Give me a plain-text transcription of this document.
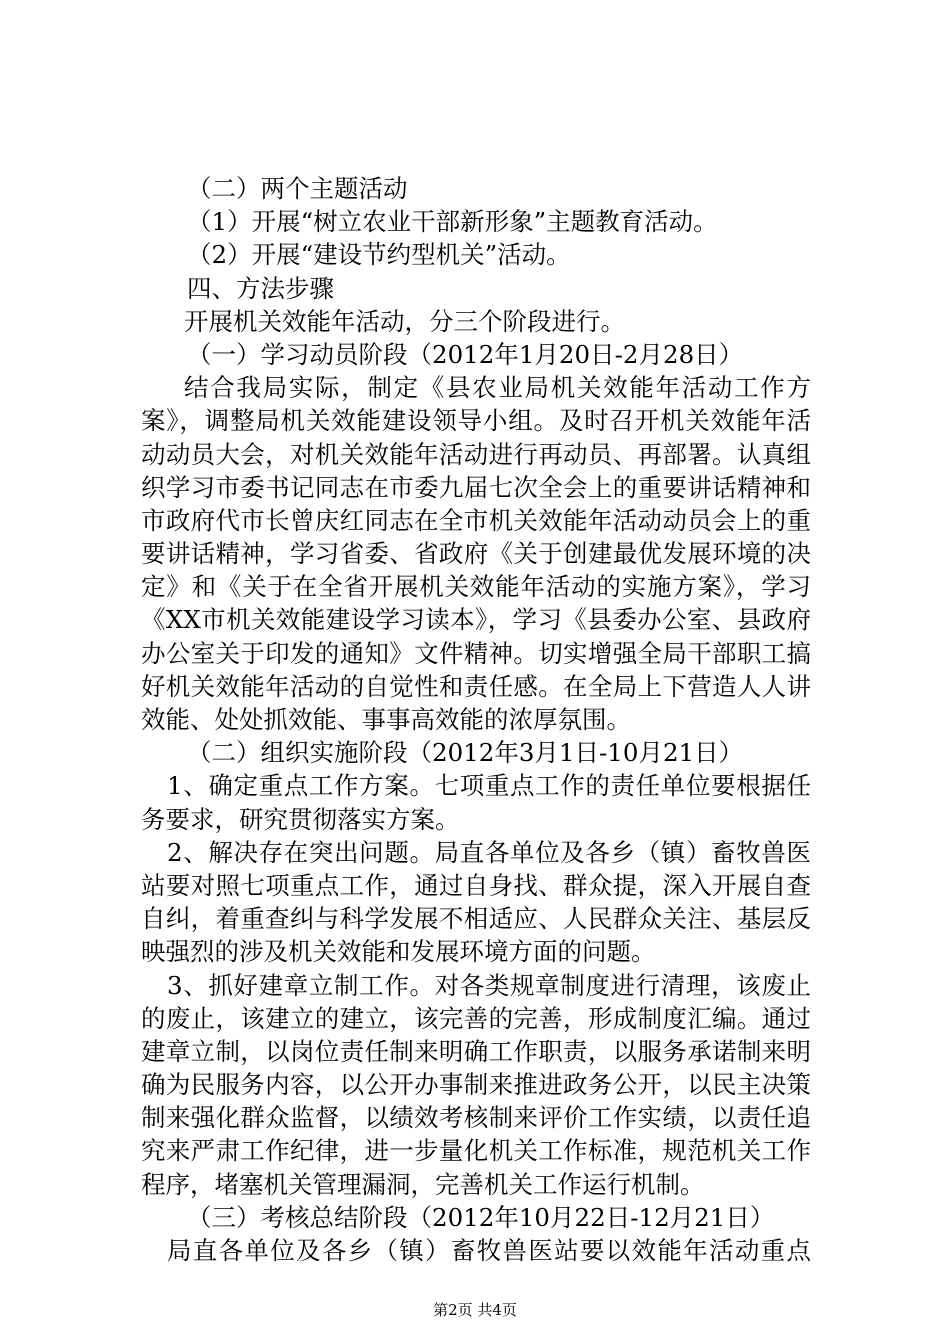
（二）两个主题活动
（1）开展“树立农业干部新形象”主题教育活动。
（2）开展“建设节约型机关”活动。
四、方法步骤
开展机关效能年活动，分三个阶段进行。
（一）学习动员阶段（2012年1月20日-2月28日）
结合我局实际，制定《县农业局机关效能年活动工作方
案》，调整局机关效能建设领导小组。及时召开机关效能年活
动动员大会，对机关效能年活动进行再动员、再部署。认真组
织学习市委书记同志在市委九届七次全会上的重要讲话精神和
市政府代市长曾庆红同志在全市机关效能年活动动员会上的重
要讲话精神，学习省委、省政府《关于创建最优发展环境的决
定》和《关于在全省开展机关效能年活动的实施方案》，学习
《XX市机关效能建设学习读本》，学习《县委办公室、县政府
办公室关于印发的通知》文件精神。切实增强全局干部职工搞
好机关效能年活动的自觉性和责任感。在全局上下营造人人讲
效能、处处抓效能、事事高效能的浓厚氛围。
（二）组织实施阶段（2012年3月1日-10月21日）
1、确定重点工作方案。七项重点工作的责任单位要根据任
务要求，研究贯彻落实方案。
2、解决存在突出问题。局直各单位及各乡（镇）畜牧兽医
站要对照七项重点工作，通过自身找、群众提，深入开展自查
自纠，着重查纠与科学发展不相适应、人民群众关注、基层反
映强烈的涉及机关效能和发展环境方面的问题。
3、抓好建章立制工作。对各类规章制度进行清理，该废止
的废止，该建立的建立，该完善的完善，形成制度汇编。通过
建章立制，以岗位责任制来明确工作职责，以服务承诺制来明
确为民服务内容，以公开办事制来推进政务公开，以民主决策
制来强化群众监督，以绩效考核制来评价工作实绩，以责任追
究来严肃工作纪律，进一步量化机关工作标准，规范机关工作
程序，堵塞机关管理漏洞，完善机关工作运行机制。
（三）考核总结阶段（2012年10月22日-12月21日）
局直各单位及各乡（镇）畜牧兽医站要以效能年活动重点
第2页 共4页
